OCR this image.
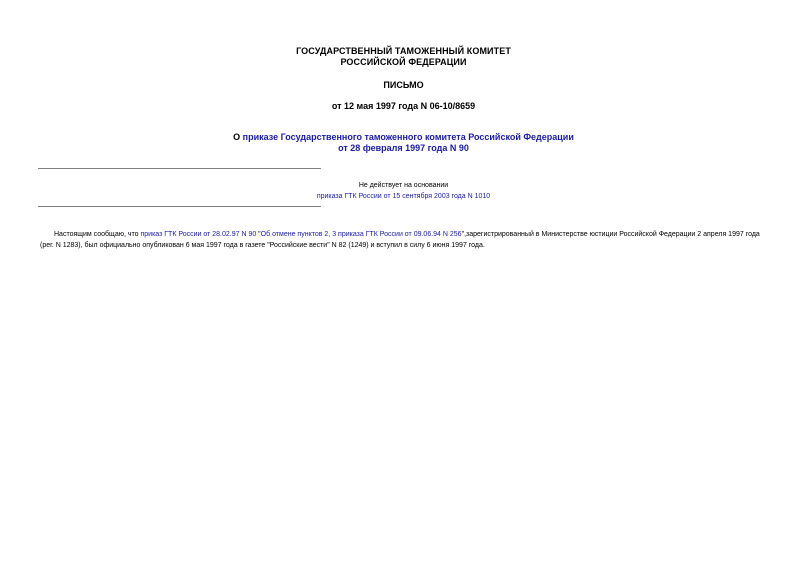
ГОСУДАРСТВЕННЫЙ ТАМОЖЕННЫЙ КОМИТЕТ
РОССИЙСКОЙ ФЕДЕРАЦИИ
ПИСЬМО
от 12 мая 1997 года N 06-10/8659
О приказе Государственного таможенного комитета Российской Федерации
от 28 февраля 1997 года N 90
Не действует на основании
приказа ГТК России от 15 сентября 2003 года N 1010
Настоящим сообщаю, что приказ ГТК России от 28.02.97 N 90 "Об отмене пунктов 2, 3 приказа ГТК России от 09.06.94 N 256",зарегистрированный в Министерстве юстиции Российской Федерации 2 апреля 1997 года (рег. N 1283), был официально опубликован 6 мая 1997 года в газете "Российские вести" N 82 (1249) и вступил в силу 6 июня 1997 года.
